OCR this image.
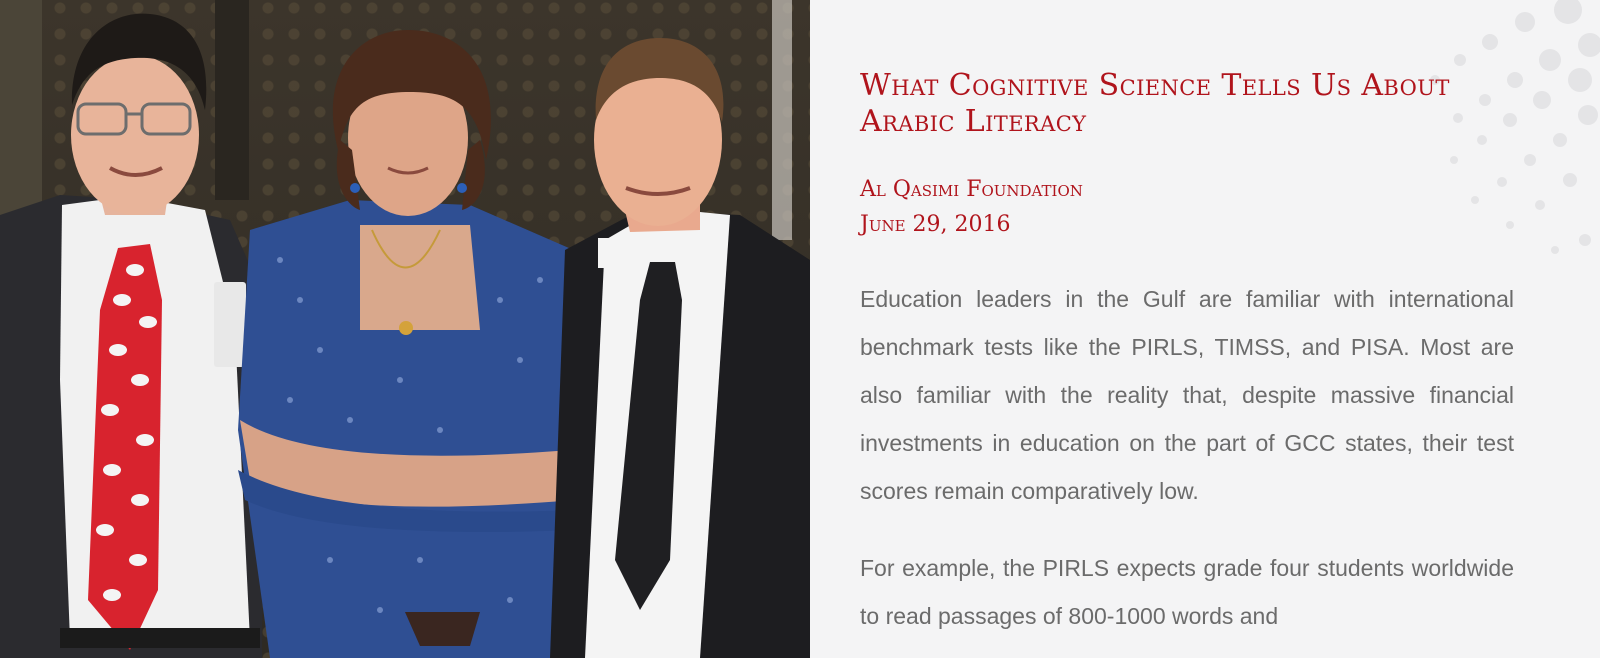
What Cognitive Science Tells Us About Arabic Literacy
Al Qasimi Foundation
June 29, 2016

Education leaders in the Gulf are familiar with international benchmark tests like the PIRLS, TIMSS, and PISA. Most are also familiar with the reality that, despite massive financial investments in education on the part of GCC states, their test scores remain comparatively low.

For example, the PIRLS expects grade four students worldwide to read passages of 800-1000 words and
